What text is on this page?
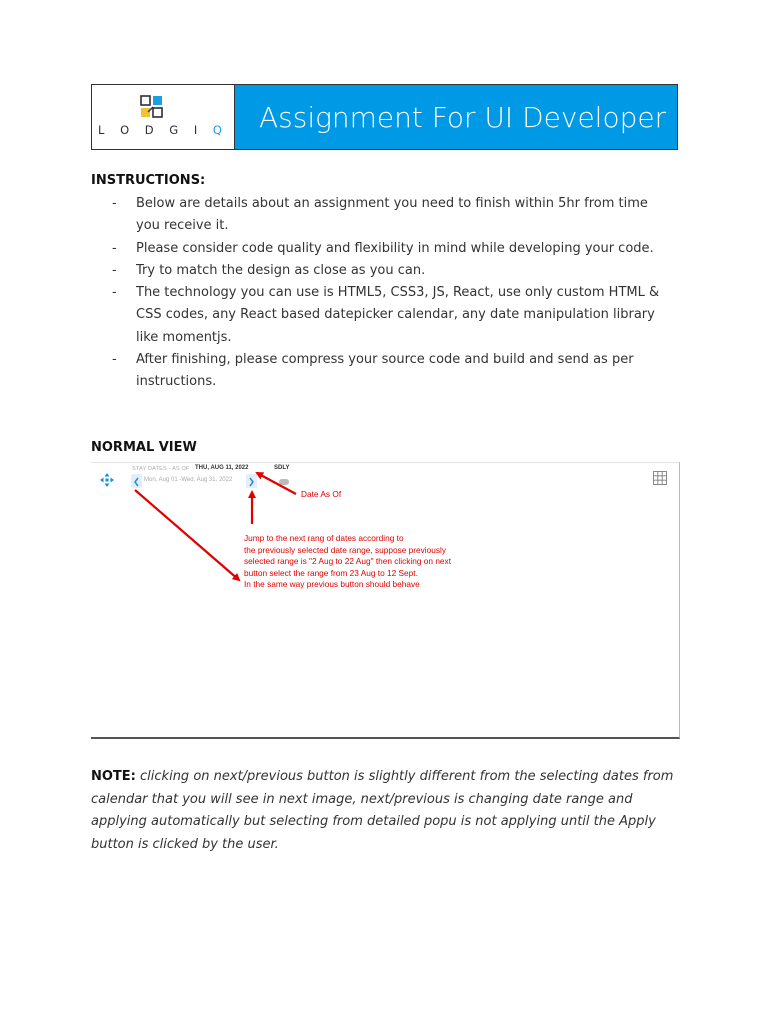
L O D G I Q	Assignment For UI Developer
INSTRUCTIONS:
- Below are details about an assignment you need to finish within 5hr from time you receive it.
- Please consider code quality and flexibility in mind while developing your code.
- Try to match the design as close as you can.
- The technology you can use is HTML5, CSS3, JS, React, use only custom HTML & CSS codes, any React based datepicker calendar, any date manipulation library like momentjs.
- After finishing, please compress your source code and build and send as per instructions.
NORMAL VIEW
STAY DATES - AS OF THU, AUG 11, 2022	SDLY
Mon, Aug 01 -Wed, Aug 31, 2022
Date As Of
Jump to the next rang of dates according to
the previously selected date range, suppose previously
selected range is "2 Aug to 22 Aug" then clicking on next
button select the range from 23 Aug to 12 Sept.
In the same way previous button should behave
NOTE: clicking on next/previous button is slightly different from the selecting dates from calendar that you will see in next image, next/previous is changing date range and applying automatically but selecting from detailed popu is not applying until the Apply button is clicked by the user.
